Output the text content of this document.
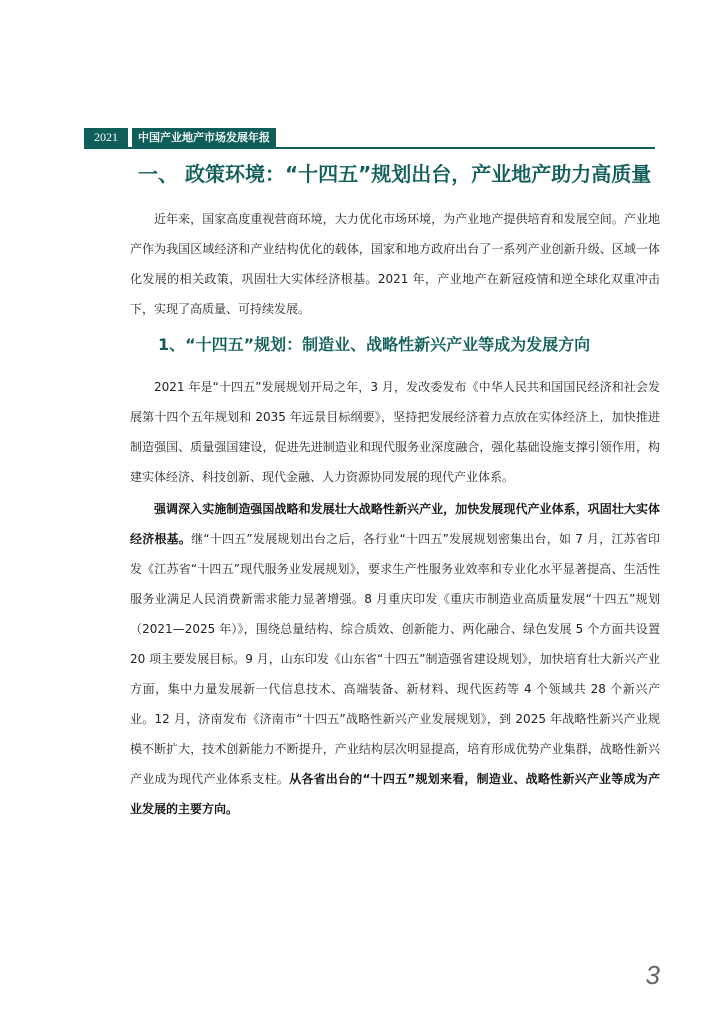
2021	中国产业地产市场发展年报
一、 政策环境：“十四五”规划出台，产业地产助力高质量
近年来，国家高度重视营商环境，大力优化市场环境，为产业地产提供培育和发展空间。产业地产作为我国区域经济和产业结构优化的载体，国家和地方政府出台了一系列产业创新升级、区域一体化发展的相关政策，巩固壮大实体经济根基。2021 年，产业地产在新冠疫情和逆全球化双重冲击下，实现了高质量、可持续发展。
1、“十四五”规划：制造业、战略性新兴产业等成为发展方向
2021 年是“十四五”发展规划开局之年，3 月，发改委发布《中华人民共和国国民经济和社会发展第十四个五年规划和 2035 年远景目标纲要》，坚持把发展经济着力点放在实体经济上，加快推进制造强国、质量强国建设，促进先进制造业和现代服务业深度融合，强化基础设施支撑引领作用，构建实体经济、科技创新、现代金融、人力资源协同发展的现代产业体系。
强调深入实施制造强国战略和发展壮大战略性新兴产业，加快发展现代产业体系，巩固壮大实体经济根基。继“十四五”发展规划出台之后，各行业“十四五”发展规划密集出台，如 7 月，江苏省印发《江苏省“十四五”现代服务业发展规划》，要求生产性服务业效率和专业化水平显著提高、生活性服务业满足人民消费新需求能力显著增强。8 月重庆印发《重庆市制造业高质量发展“十四五”规划（2021—2025 年）》，围绕总量结构、综合质效、创新能力、两化融合、绿色发展 5 个方面共设置 20 项主要发展目标。9 月，山东印发《山东省“十四五”制造强省建设规划》，加快培育壮大新兴产业方面，集中力量发展新一代信息技术、高端装备、新材料、现代医药等 4 个领域共 28 个新兴产业。12 月，济南发布《济南市“十四五”战略性新兴产业发展规划》，到 2025 年战略性新兴产业规模不断扩大，技术创新能力不断提升，产业结构层次明显提高，培育形成优势产业集群，战略性新兴产业成为现代产业体系支柱。从各省出台的“十四五”规划来看，制造业、战略性新兴产业等成为产业发展的主要方向。
3
